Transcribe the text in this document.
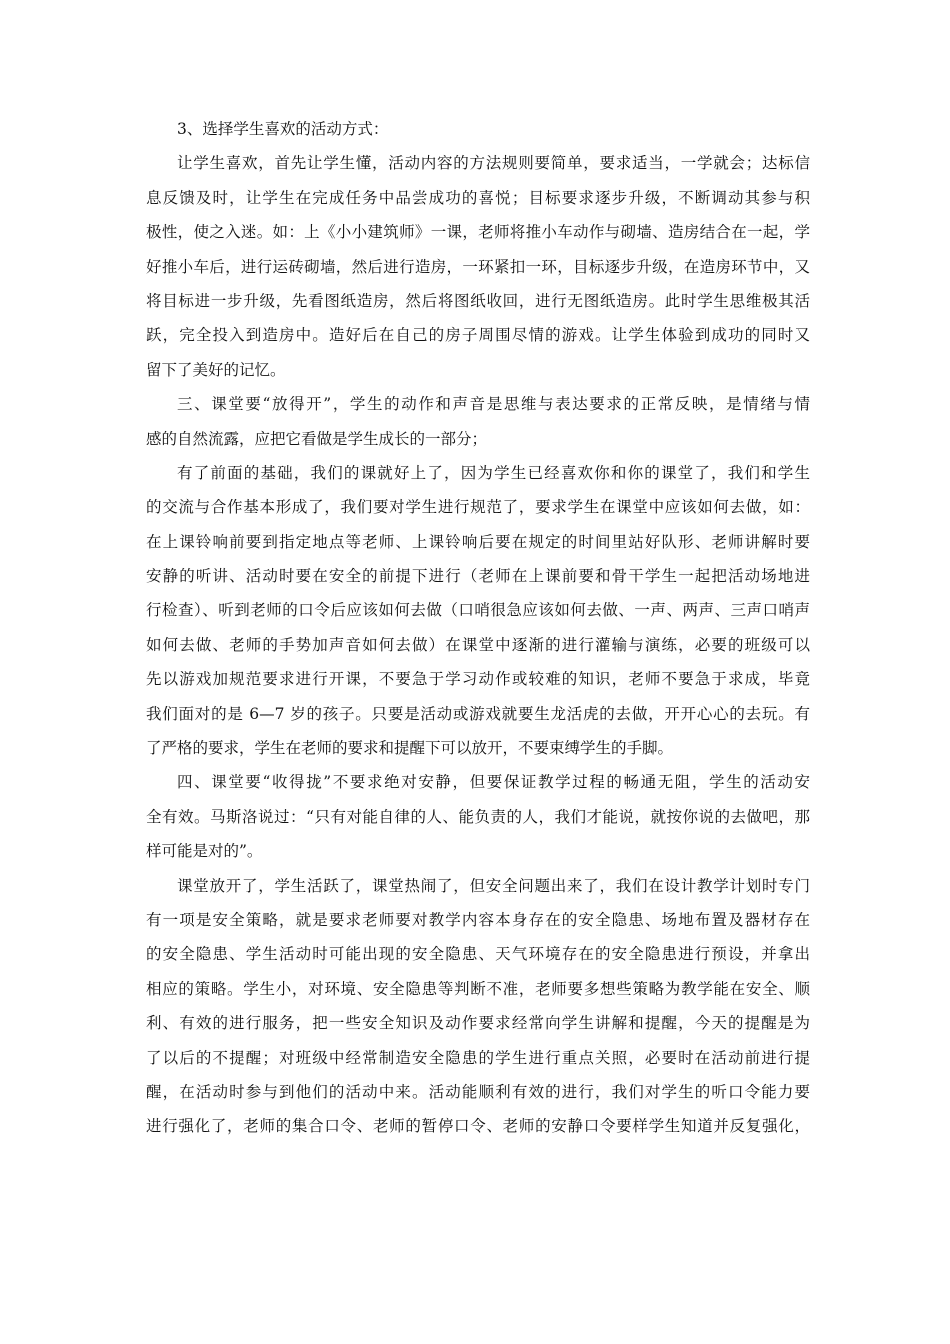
3、选择学生喜欢的活动方式：
让学生喜欢，首先让学生懂，活动内容的方法规则要简单，要求适当，一学就会；达标信
息反馈及时，让学生在完成任务中品尝成功的喜悦；目标要求逐步升级，不断调动其参与积
极性，使之入迷。如：上《小小建筑师》一课，老师将推小车动作与砌墙、造房结合在一起，学
好推小车后，进行运砖砌墙，然后进行造房，一环紧扣一环，目标逐步升级，在造房环节中，又
将目标进一步升级，先看图纸造房，然后将图纸收回，进行无图纸造房。此时学生思维极其活
跃，完全投入到造房中。造好后在自己的房子周围尽情的游戏。让学生体验到成功的同时又
留下了美好的记忆。
三、课堂要“放得开”，学生的动作和声音是思维与表达要求的正常反映，是情绪与情
感的自然流露，应把它看做是学生成长的一部分；
有了前面的基础，我们的课就好上了，因为学生已经喜欢你和你的课堂了，我们和学生
的交流与合作基本形成了，我们要对学生进行规范了，要求学生在课堂中应该如何去做，如：
在上课铃响前要到指定地点等老师、上课铃响后要在规定的时间里站好队形、老师讲解时要
安静的听讲、活动时要在安全的前提下进行（老师在上课前要和骨干学生一起把活动场地进
行检查）、听到老师的口令后应该如何去做（口哨很急应该如何去做、一声、两声、三声口哨声
如何去做、老师的手势加声音如何去做）在课堂中逐渐的进行灌输与演练，必要的班级可以
先以游戏加规范要求进行开课，不要急于学习动作或较难的知识，老师不要急于求成，毕竟
我们面对的是 6—7 岁的孩子。只要是活动或游戏就要生龙活虎的去做，开开心心的去玩。有
了严格的要求，学生在老师的要求和提醒下可以放开，不要束缚学生的手脚。
四、课堂要“收得拢”不要求绝对安静，但要保证教学过程的畅通无阻，学生的活动安
全有效。马斯洛说过：“只有对能自律的人、能负责的人，我们才能说，就按你说的去做吧，那
样可能是对的”。
课堂放开了，学生活跃了，课堂热闹了，但安全问题出来了，我们在设计教学计划时专门
有一项是安全策略，就是要求老师要对教学内容本身存在的安全隐患、场地布置及器材存在
的安全隐患、学生活动时可能出现的安全隐患、天气环境存在的安全隐患进行预设，并拿出
相应的策略。学生小，对环境、安全隐患等判断不准，老师要多想些策略为教学能在安全、顺
利、有效的进行服务，把一些安全知识及动作要求经常向学生讲解和提醒，今天的提醒是为
了以后的不提醒；对班级中经常制造安全隐患的学生进行重点关照，必要时在活动前进行提
醒，在活动时参与到他们的活动中来。活动能顺利有效的进行，我们对学生的听口令能力要
进行强化了，老师的集合口令、老师的暂停口令、老师的安静口令要样学生知道并反复强化，
